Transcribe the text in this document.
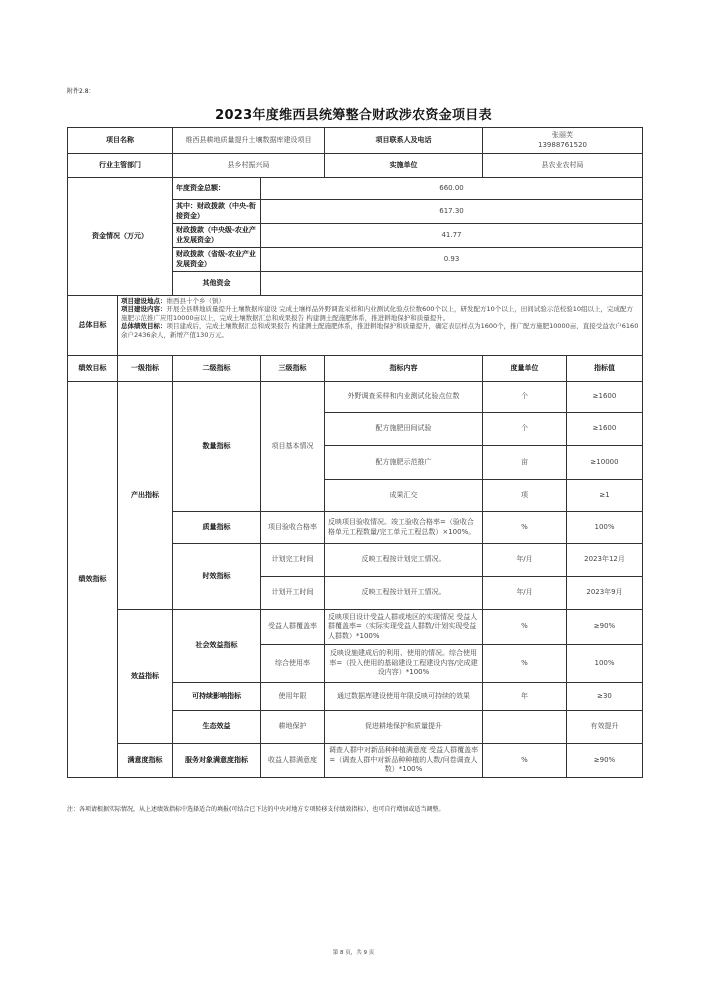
附件2.8：
2023年度维西县统筹整合财政涉农资金项目表
项目名称		维西县耕地质量提升土壤数据库建设项目		项目联系人及电话	张丽芙
13988761520	

行业主管部门		县乡村振兴局		实施单位	县农业农村局	
资金情况（万元）		年度资金总额：	660.00			
		其中：财政拨款（中央-衔接资金）	617.30			
		财政拨款（中央级-农业产业发展资金）	41.77			
		财政拨款（省级-农业产业发展资金）	0.93			
		其他资金				
总体目标	项目建设地点：维西县十个乡（镇）
项目建设内容：开展全县耕地质量提升土壤数据库建设 完成土壤样品外野调查采样和内业测试化验点位数600个以上，研发配方10个以上，田间试验示范校验10组以上，完成配方施肥示范推广应用10000亩以上，完成土壤数据汇总和成果报告 构建测土配施肥体系，推进耕地保护和质量提升。
总体绩效目标：项目建成后，完成土壤数据汇总和成果报告 构建测土配施肥体系，推进耕地保护和质量提升，确定表层样点为1600个，推广配方施肥10000亩，直接受益农户6160余户2436余人，新增产值130万元。					

绩效目标	一级指标	二级指标	三级指标	指标内容	度量单位	指标值
绩效指标	产出指标	数量指标	项目基本情况	外野调查采样和内业测试化验点位数	个	≥1600
				配方施肥田间试验	个	≥1600
				配方施肥示范推广	亩	≥10000
				成果汇交	项	≥1
		质量指标	项目验收合格率	反映项目验收情况。竣工验收合格率=（验收合格单元工程数量/完工单元工程总数）×100%。	%	100%
		时效指标	计划完工时间	反映工程按计划完工情况。	年/月	2023年12月
			计划开工时间	反映工程按计划开工情况。	年/月	2023年9月
	效益指标	社会效益指标	受益人群覆盖率	反映项目设计受益人群或地区的实现情况 受益人群覆盖率=（实际实现受益人群数/计划实现受益人群数）*100%	%	≥90%
			综合使用率	反映设施建成后的利用、使用的情况。综合使用率=（投入使用的基础建设工程建设内容/完成建设内容）*100%	%	100%
		可持续影响指标	使用年限	通过数据库建设使用年限反映可持续的效果	年	≥30
		生态效益	耕地保护	促进耕地保护和质量提升		有效提升
	满意度指标	服务对象满意度指标	收益人群满意度	调查人群中对新品种种植满意度 受益人群覆盖率=（调查人群中对新品种种植的人数/问卷调查人数）*100%	%	≥90%
注：各项请根据实际情况，从上述绩效指标中选择适合的填报(可结合已下达的中央对地方专项转移支付绩效指标），也可自行增加或适当调整。
第 8 页，共 9 页
